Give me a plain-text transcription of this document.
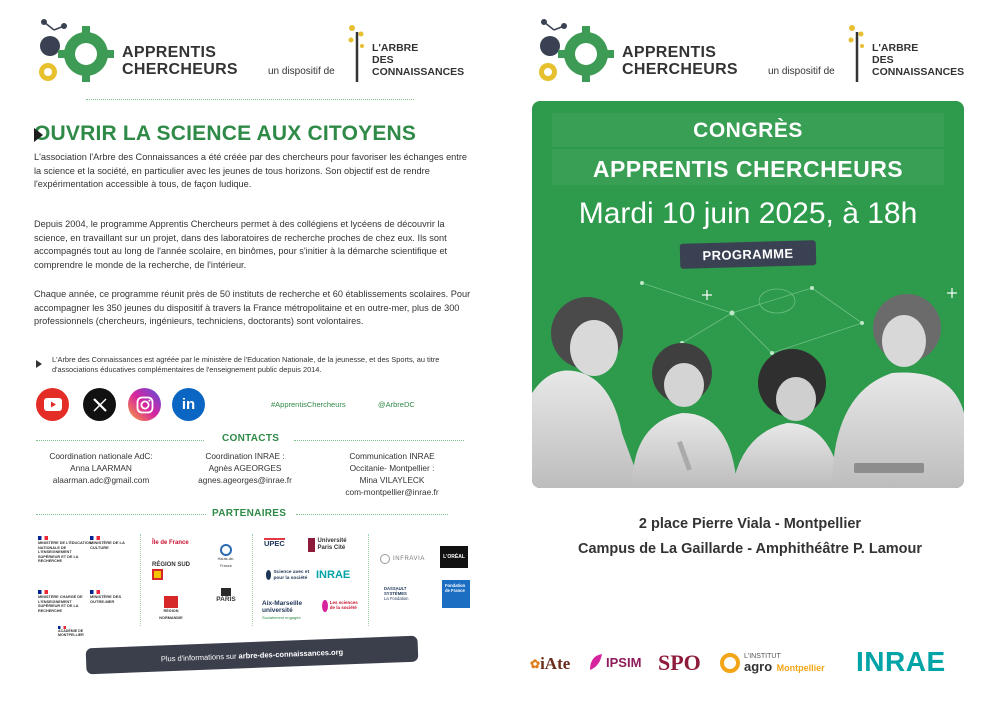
APPRENTIS
CHERCHEURS	un dispositif de
L'ARBRE
DES
CONNAISSANCES
OUVRIR LA SCIENCE AUX CITOYENS
L'association l'Arbre des Connaissances a été créée par des chercheurs pour favoriser les échanges entre la science et la société, en particulier avec les jeunes de tous horizons. Son objectif est de rendre l'expérimentation accessible à tous, de façon ludique.
Depuis 2004, le programme Apprentis Chercheurs permet à des collégiens et lycéens de découvrir la science, en travaillant sur un projet, dans des laboratoires de recherche proches de chez eux. Ils sont accompagnés tout au long de l'année scolaire, en binômes, pour s'initier à la démarche scientifique et comprendre le monde de la recherche, de l'intérieur.
Chaque année, ce programme réunit près de 50 instituts de recherche et 60 établissements scolaires. Pour accompagner les 350 jeunes du dispositif à travers la France métropolitaine et en outre-mer, plus de 300 professionnels (chercheurs, ingénieurs, techniciens, doctorants) sont volontaires.
L'Arbre des Connaissances est agréée par le ministère de l'Education Nationale, de la jeunesse, et des Sports, au titre d'associations éducatives complémentaires de l'enseignement public depuis 2014.
in	#ApprentisChercheurs	@ArbreDC
CONTACTS
Coordination nationale AdC:
Anna LAARMAN
alaarman.adc@gmail.com
Coordination INRAE :
Agnès AGEORGES
agnes.ageorges@inrae.fr
Communication INRAE
Occitanie- Montpellier :
Mina VILAYLECK
com-montpellier@inrae.fr
PARTENAIRES
MINISTÈRE DE L'ÉDUCATION NATIONALE DE L'ENSEIGNEMENT SUPÉRIEUR ET DE LA RECHERCHE
MINISTÈRE DE LA CULTURE
MINISTÈRE CHARGÉ DE L'ENSEIGNEMENT SUPÉRIEUR ET DE LA RECHERCHE
MINISTÈRE DES OUTRE-MER
ACADÉMIE DE MONTPELLIER
Île de France
RÉGION SUD
RÉGION NORMANDIE
Hauts-de-France
PARIS
UPEC	Université Paris Cité
Science avec et pour la société INRAE
Aix-Marseille université
Socialement engagée
Les sciences de la société
INFRAVIA	L'ORÉAL
DASSAULT SYSTÈMES
La Fondation
Fondation de France
Plus d'informations sur
arbre-des-connaissances.org
APPRENTIS
CHERCHEURS	un dispositif de
L'ARBRE
DES
CONNAISSANCES
CONGRÈS
APPRENTIS CHERCHEURS
Mardi 10 juin 2025, à 18h
PROGRAMME
2 place Pierre Viala - Montpellier
Campus de La Gaillarde - Amphithéâtre P. Lamour
✿ iAte	IPSIM SPO	L'INSTITUT
agro Montpellier INRAE
